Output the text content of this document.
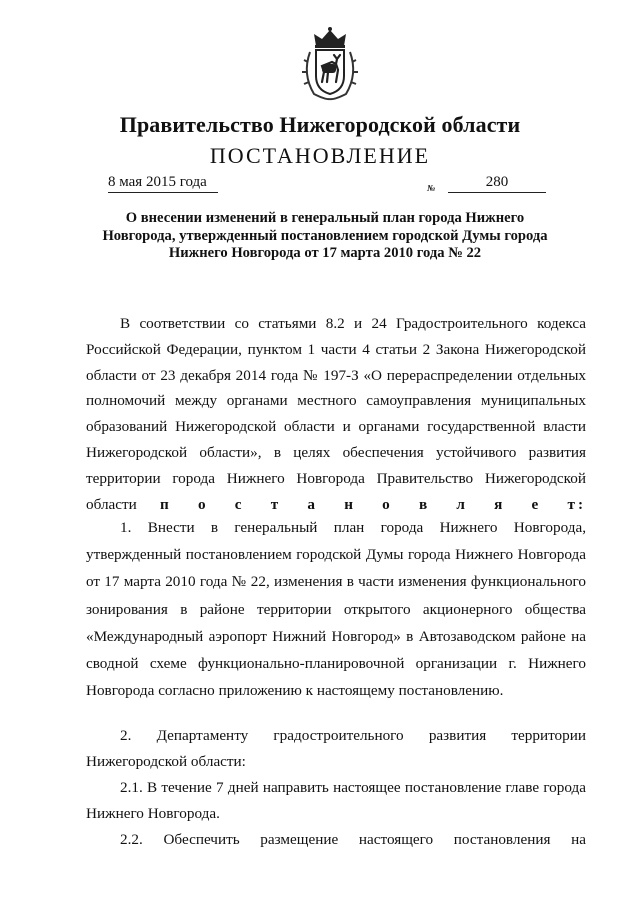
Правительство Нижегородской области
ПОСТАНОВЛЕНИЕ
8 мая 2015 года	№	280

О внесении изменений в генеральный план города Нижнего Новгорода, утвержденный постановлением городской Думы города Нижнего Новгорода от 17 марта 2010 года № 22

В соответствии со статьями 8.2 и 24 Градостроительного кодекса Российской Федерации, пунктом 1 части 4 статьи 2 Закона Нижегородской области от 23 декабря 2014 года № 197-З «О перераспределении отдельных полномочий между органами местного самоуправления муниципальных образований Нижегородской области и органами государственной власти Нижегородской области», в целях обеспечения устойчивого развития территории города Нижнего Новгорода Правительство Нижегородской области п о с т а н о в л я е т:

1. Внести в генеральный план города Нижнего Новгорода, утвержденный постановлением городской Думы города Нижнего Новгорода от 17 марта 2010 года № 22, изменения в части изменения функционального зонирования в районе территории открытого акционерного общества «Международный аэропорт Нижний Новгород» в Автозаводском районе на сводной схеме функционально-планировочной организации г. Нижнего Новгорода согласно приложению к настоящему постановлению.

2. Департаменту градостроительного развития территории Нижегородской области:

2.1. В течение 7 дней направить настоящее постановление главе города Нижнего Новгорода.

2.2. Обеспечить размещение настоящего постановления на
